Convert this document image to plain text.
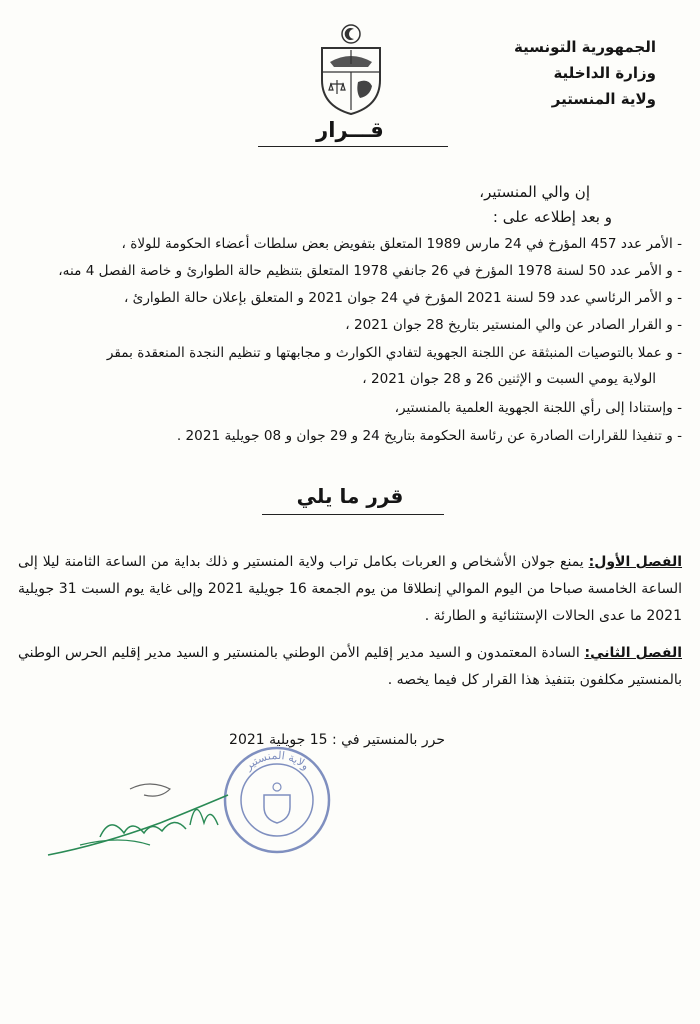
الجمهورية التونسية
وزارة الداخلية
ولاية المنستير
قـــرار
إن والي المنستير،
و بعد إطلاعه على :
- الأمر عدد 457 المؤرخ في 24 مارس 1989 المتعلق بتفويض بعض سلطات أعضاء الحكومة للولاة ،
- و الأمر عدد 50 لسنة 1978 المؤرخ في 26 جانفي 1978 المتعلق بتنظيم حالة الطوارئ و خاصة الفصل 4 منه،
- و الأمر الرئاسي عدد 59 لسنة 2021 المؤرخ في 24 جوان 2021 و المتعلق بإعلان حالة الطوارئ ،
- و القرار الصادر عن والي المنستير بتاريخ 28 جوان 2021 ،
- و عملا بالتوصيات المنبثقة عن اللجنة الجهوية لتفادي الكوارث و مجابهتها و تنظيم النجدة المنعقدة بمقر
الولاية يومي السبت و الإثنين 26 و 28 جوان 2021 ،
- وإستنادا إلى رأي اللجنة الجهوية العلمية بالمنستير،
- و تنفيذا للقرارات الصادرة عن رئاسة الحكومة بتاريخ 24 و 29 جوان و 08 جويلية 2021 .
قرر ما يلي
الفصل الأول: يمنع جولان الأشخاص و العربات بكامل تراب ولاية المنستير و ذلك بداية من الساعة الثامنة ليلا إلى الساعة الخامسة صباحا من اليوم الموالي إنطلاقا من يوم الجمعة 16 جويلية 2021 وإلى غاية يوم السبت 31 جويلية 2021 ما عدى الحالات الإستثنائية و الطارئة .
الفصل الثاني: السادة المعتمدون و السيد مدير إقليم الأمن الوطني بالمنستير و السيد مدير إقليم الحرس الوطني بالمنستير مكلفون بتنفيذ هذا القرار كل فيما يخصه .
حرر بالمنستير في : 15 جويلية 2021
ولاية المنستير
